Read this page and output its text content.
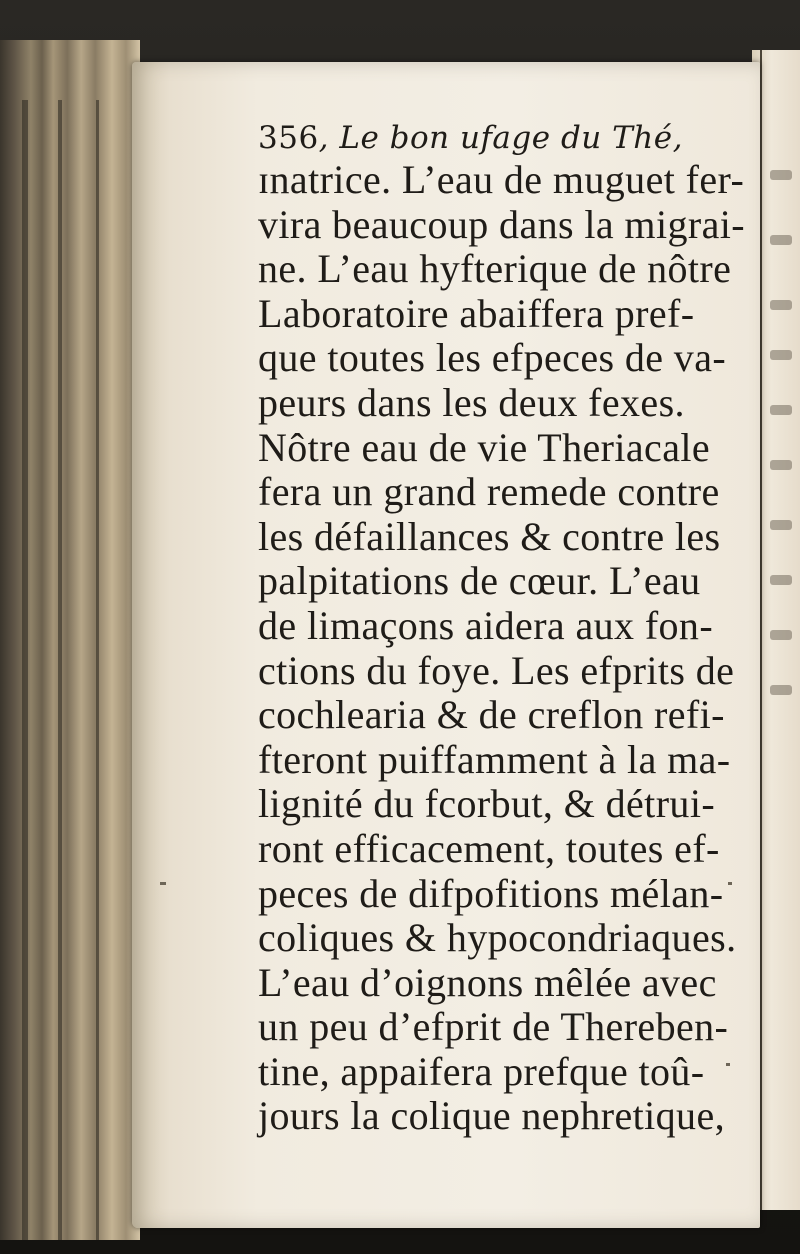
356, Le bon ufage du Thé,
ɪnatrice. L’eau de muguet fer-
vira beaucoup dans la migrai-
ne. L’eau hyfterique de nôtre
Laboratoire abaiffera pref-
que toutes les efpeces de va-
peurs dans les deux fexes.
Nôtre eau de vie Theriacale
fera un grand remede contre
les défaillances & contre les
palpitations de cœur. L’eau
de limaçons aidera aux fon-
ctions du foye. Les efprits de
cochlearia & de creflon refi-
fteront puiffamment à la ma-
lignité du fcorbut, & détrui-
ront efficacement, toutes ef-
peces de difpofitions mélan-
coliques & hypocondriaques.
L’eau d’oignons mêlée avec
un peu d’efprit de Thereben-
tine, appaifera prefque toû-
jours la colique nephretique,
